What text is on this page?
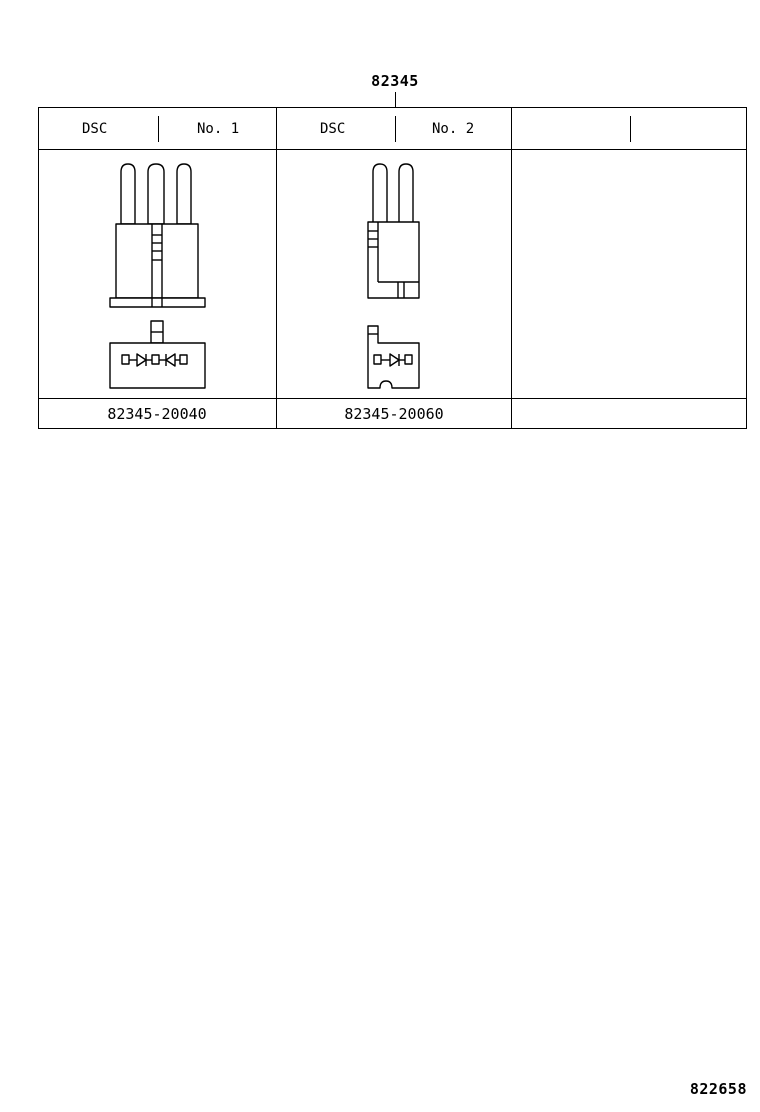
82345
DSC	No. 1	DSC	No. 2
82345-20040	82345-20060
822658
